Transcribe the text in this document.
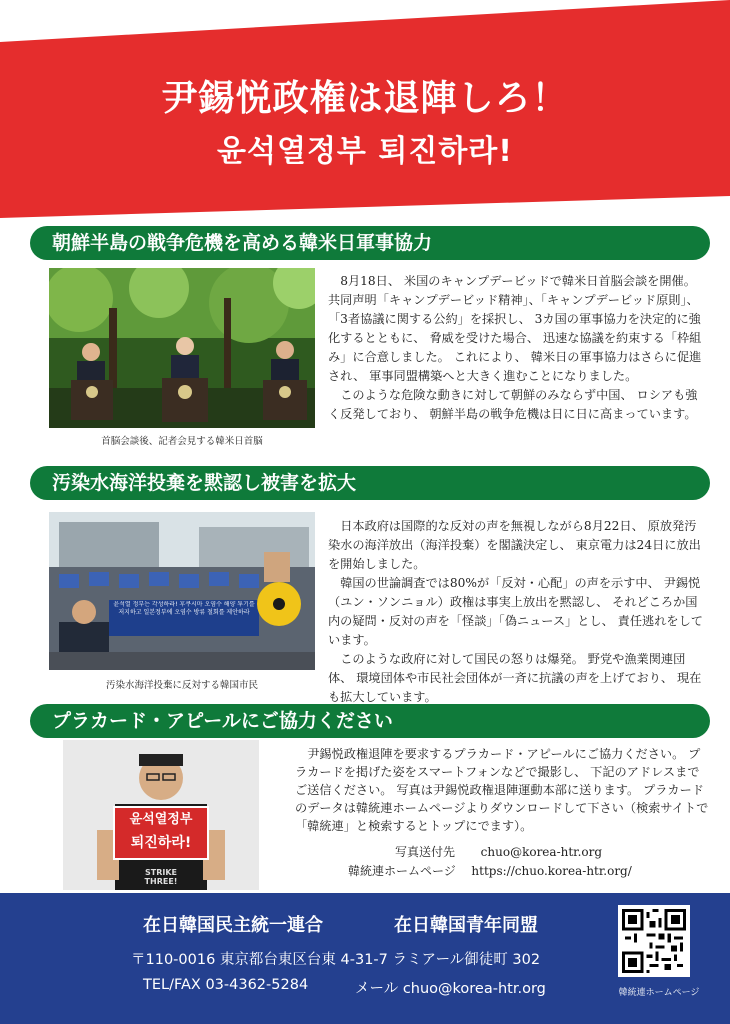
尹錫悦政権は退陣しろ！
윤석열정부 퇴진하라!
朝鮮半島の戦争危機を高める韓米日軍事協力
首脳会談後、記者会見する韓米日首脳

8月18日、 米国のキャンプデービッドで韓米日首脳会談を開催。 共同声明「キャンプデービッド精神」、「キャンプデービッド原則」、「3者協議に関する公約」を採択し、 3カ国の軍事協力を決定的に強化するとともに、 脅威を受けた場合、 迅速な協議を約束する「枠組み」に合意しました。 これにより、 韓米日の軍事協力はさらに促進され、 軍事同盟構築へと大きく進むことになりました。

このような危険な動きに対して朝鮮のみならず中国、 ロシアも強く反発しており、 朝鮮半島の戦争危機は日に日に高まっています。

汚染水海洋投棄を黙認し被害を拡大
윤석열 정부는 각성하라! 후쿠시마 오염수 해양 투기를 저지하고 일본정부에 오염수 방류 철회를 제안하라
汚染水海洋投棄に反対する韓国市民

日本政府は国際的な反対の声を無視しながら8月22日、 原放発汚染水の海洋放出（海洋投棄）を閣議決定し、 東京電力は24日に放出を開始しました。

韓国の世論調査では80%が「反対・心配」の声を示す中、 尹錫悦（ユン・ソンニョル）政権は事実上放出を黙認し、 それどころか国内の疑問・反対の声を「怪談」「偽ニュース」とし、 責任逃れをしています。

このような政府に対して国民の怒りは爆発。 野党や漁業関連団体、 環境団体や市民社会団体が一斉に抗議の声を上げており、 現在も拡大しています。

プラカード・アピールにご協力ください
윤석열정부
퇴진하라!
STRIKE THREE!

尹錫悦政権退陣を要求するプラカード・アピールにご協力ください。 プラカードを掲げた姿をスマートフォンなどで撮影し、 下記のアドレスまでご送信ください。 写真は尹錫悦政権退陣運動本部に送ります。 プラカードのデータは韓統連ホームページよりダウンロードして下さい（検索サイトで「韓統連」と検索するとトップにでます）。

写真送付先 chuo@korea-htr.org
韓統連ホームページ https://chuo.korea-htr.org/
在日韓国民主統一連合	在日韓国青年同盟
〒110-0016 東京都台東区台東 4-31-7 ラミアール御徒町 302
TEL/FAX 03-4362-5284	メール chuo@korea-htr.org	韓統連ホームページ
